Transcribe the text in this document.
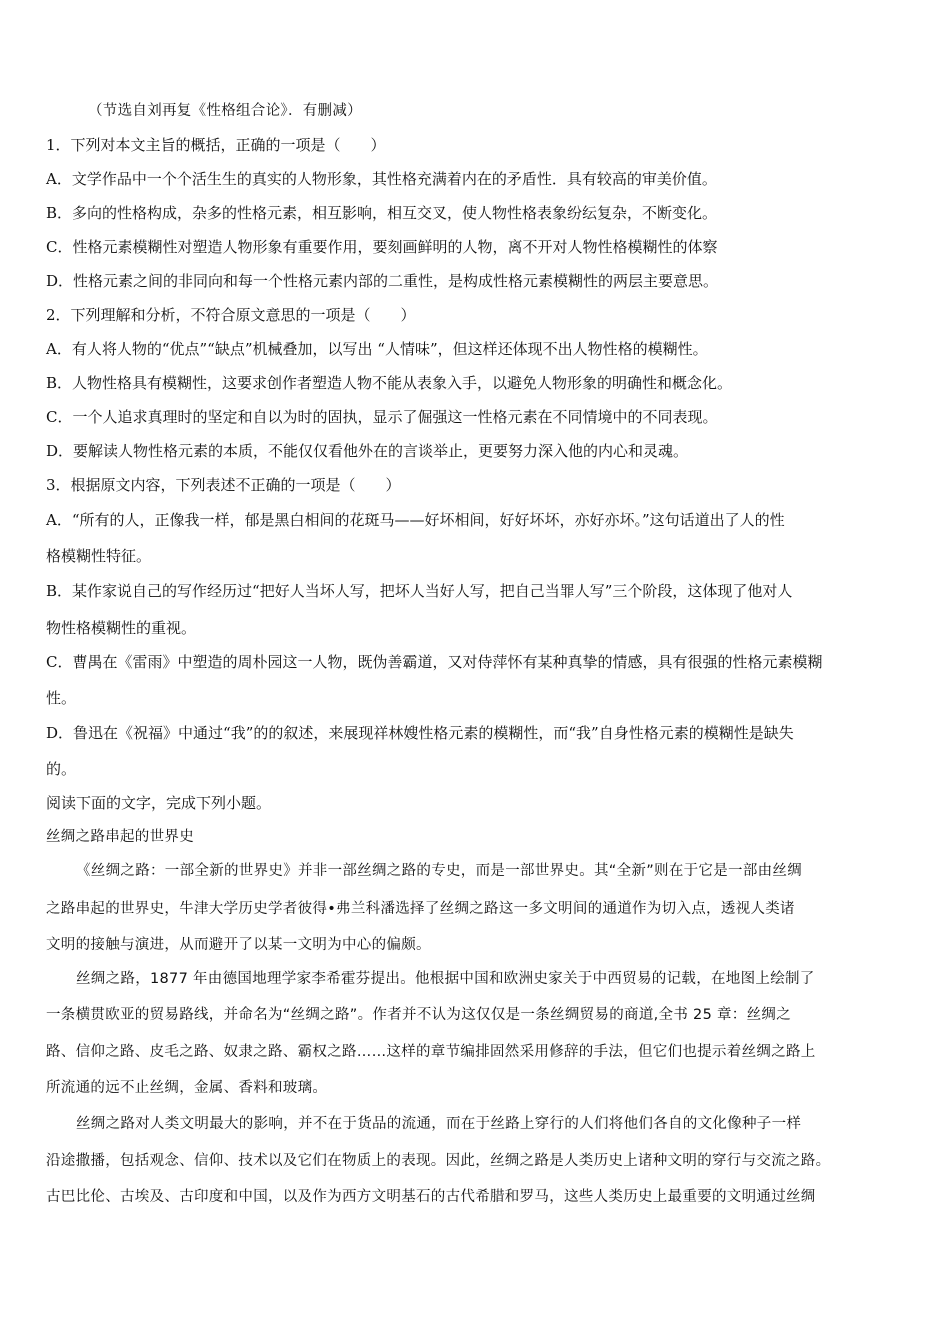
（节选自刘再复《性格组合论》．有删减）
1．下列对本文主旨的概括，正确的一项是（　　）
A．文学作品中一个个活生生的真实的人物形象，其性格充满着内在的矛盾性．具有较高的审美价值。
B．多向的性格构成，杂多的性格元素，相互影响，相互交叉，使人物性格表象纷纭复杂，不断变化。
C．性格元素模糊性对塑造人物形象有重要作用，要刻画鲜明的人物，离不开对人物性格模糊性的体察
D．性格元素之间的非同向和每一个性格元素内部的二重性，是构成性格元素模糊性的两层主要意思。
2．下列理解和分析，不符合原文意思的一项是（　　）
A．有人将人物的“优点”“缺点”机械叠加，以写出 “人情味”，但这样还体现不出人物性格的模糊性。
B．人物性格具有模糊性，这要求创作者塑造人物不能从表象入手，以避免人物形象的明确性和概念化。
C．一个人追求真理时的坚定和自以为时的固执，显示了倔强这一性格元素在不同情境中的不同表现。
D．要解读人物性格元素的本质，不能仅仅看他外在的言谈举止，更要努力深入他的内心和灵魂。
3．根据原文内容，下列表述不正确的一项是（　　）
A．“所有的人，正像我一样，郁是黑白相间的花斑马——好坏相间，好好坏坏，亦好亦坏。”这句话道出了人的性
格模糊性特征。
B．某作家说自己的写作经历过“把好人当坏人写，把坏人当好人写，把自己当罪人写”三个阶段，这体现了他对人
物性格模糊性的重视。
C．曹禺在《雷雨》中塑造的周朴园这一人物，既伪善霸道，又对侍萍怀有某种真挚的情感，具有很强的性格元素模糊
性。
D．鲁迅在《祝福》中通过“我”的的叙述，来展现祥林嫂性格元素的模糊性，而“我”自身性格元素的模糊性是缺失
的。
阅读下面的文字，完成下列小题。
丝绸之路串起的世界史
《丝绸之路：一部全新的世界史》并非一部丝绸之路的专史，而是一部世界史。其“全新”则在于它是一部由丝绸
之路串起的世界史，牛津大学历史学者彼得•弗兰科潘选择了丝绸之路这一多文明间的通道作为切入点，透视人类诸
文明的接触与演进，从而避开了以某一文明为中心的偏颇。
丝绸之路，1877 年由德国地理学家李希霍芬提出。他根据中国和欧洲史家关于中西贸易的记载，在地图上绘制了
一条横贯欧亚的贸易路线，并命名为“丝绸之路”。作者并不认为这仅仅是一条丝绸贸易的商道,全书 25 章：丝绸之
路、信仰之路、皮毛之路、奴隶之路、霸权之路……这样的章节编排固然采用修辞的手法，但它们也提示着丝绸之路上
所流通的远不止丝绸，金属、香料和玻璃。
丝绸之路对人类文明最大的影响，并不在于货品的流通，而在于丝路上穿行的人们将他们各自的文化像种子一样
沿途撒播，包括观念、信仰、技术以及它们在物质上的表现。因此，丝绸之路是人类历史上诸种文明的穿行与交流之路。
古巴比伦、古埃及、古印度和中国，以及作为西方文明基石的古代希腊和罗马，这些人类历史上最重要的文明通过丝绸
